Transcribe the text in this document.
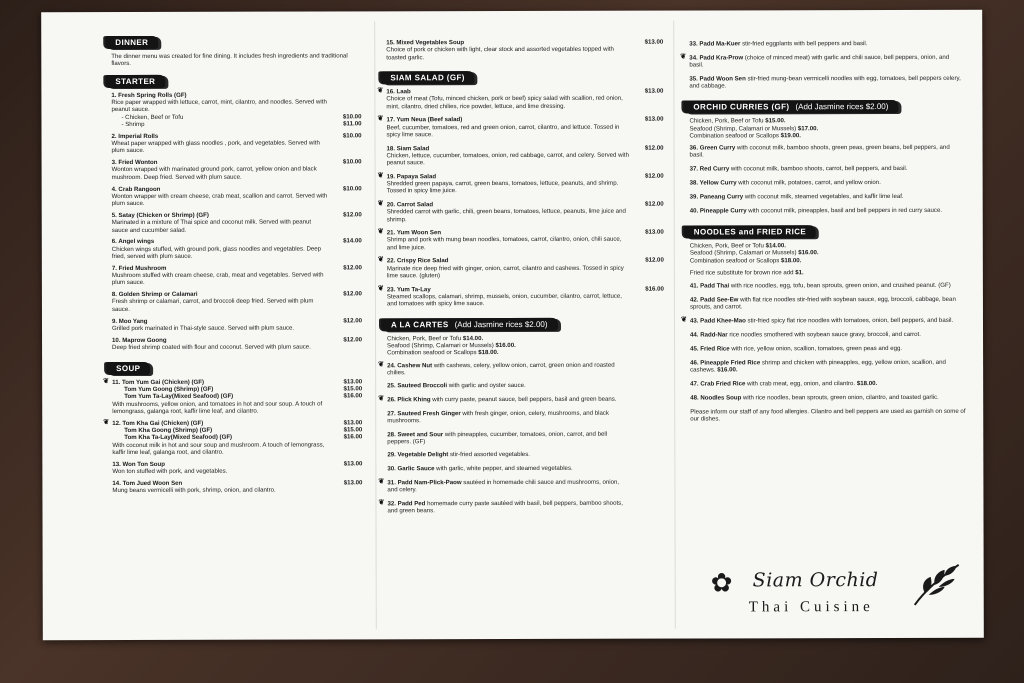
DINNER
The dinner menu was created for fine dining. It includes fresh ingredients and traditional flavors.
STARTER
1. Fresh Spring Rolls (GF)
Rice paper wrapped with lettuce, carrot, mint, cilantro, and noodles. Served with peanut sauce.
- Chicken, Beef or Tofu	$10.00
- Shrimp	$11.00
2. Imperial Rolls	$10.00

Wheat paper wrapped with glass noodles , pork, and vegetables. Served with plum sauce.
3. Fried Wonton	$10.00

Wonton wrapped with marinated ground pork, carrot, yellow onion and black mushroom. Deep fried. Served with plum sauce.
4. Crab Rangoon	$10.00

Wonton wrapper with cream cheese, crab meat, scallion and carrot. Served with plum sauce.
5. Satay (Chicken or Shrimp) (GF)	$12.00

Marinated in a mixture of Thai spice and coconut milk. Served with peanut sauce and cucumber salad.
6. Angel wings	$14.00

Chicken wings stuffed, with ground pork, glass noodles and vegetables. Deep fried, served with plum sauce.
7. Fried Mushroom	$12.00

Mushroom stuffed with cream cheese, crab, meat and vegetables. Served with plum sauce.
8. Golden Shrimp or Calamari	$12.00

Fresh shrimp or calamari, carrot, and broccoli deep fried. Served with plum sauce.
9. Moo Yang	$12.00

Grilled pork marinated in Thai-style sauce. Served with plum sauce.
10. Maprow Goong	$12.00

Deep fried shrimp coated with flour and coconut. Served with plum sauce.
SOUP
❦ 11. Tom Yum Gai (Chicken) (GF)	$13.00
Tom Yum Goong (Shrimp) (GF)	$15.00
Tom Yum Ta-Lay(Mixed Seafood) (GF)	$16.00
With mushrooms, yellow onion, and tomatoes in hot and sour soup. A touch of lemongrass, galanga root, kaffir lime leaf, and cilantro.
❦ 12. Tom Kha Gai (Chicken) (GF)	$13.00
Tom Kha Goong (Shrimp) (GF)	$15.00
Tom Kha Ta-Lay(Mixed Seafood) (GF)	$16.00
With coconut milk in hot and sour soup and mushroom. A touch of lemongrass, kaffir lime leaf, galanga root, and cilantro.
13. Won Ton Soup	$13.00
Won ton stuffed with pork, and vegetables.
14. Tom Jued Woon Sen	$13.00
Mung beans vermicelli with pork, shrimp, onion, and cilantro.
15. Mixed Vegetables Soup	$13.00

Choice of pork or chicken with light, clear stock and assorted vegetables topped with toasted garlic.
SIAM SALAD (GF)
❦ 16. Laab	$13.00

Choice of meat (Tofu, minced chicken, pork or beef) spicy salad with scallion, red onion, mint, cilantro, dried chilies, rice powder, lettuce, and lime dressing.
❦ 17. Yum Neua (Beef salad)	$13.00

Beef, cucumber, tomatoes, red and green onion, carrot, cilantro, and lettuce. Tossed in spicy lime sauce.
18. Siam Salad	$12.00

Chicken, lettuce, cucumber, tomatoes, onion, red cabbage, carrot, and celery. Served with peanut sauce.
❦ 19. Papaya Salad	$12.00

Shredded green papaya, carrot, green beans, tomatoes, lettuce, peanuts, and shrimp. Tossed in spicy lime juice.
❦ 20. Carrot Salad	$12.00

Shredded carrot with garlic, chili, green beans, tomatoes, lettuce, peanuts, lime juice and shrimp.
❦ 21. Yum Woon Sen	$13.00

Shrimp and pork with mung bean noodles, tomatoes, carrot, cilantro, onion, chili sauce, and lime juice.
❦ 22. Crispy Rice Salad	$12.00

Marinate rice deep fried with ginger, onion, carrot, cilantro and cashews. Tossed in spicy lime sauce. (gluten)
❦ 23. Yum Ta-Lay	$16.00

Steamed scallops, calamari, shrimp, mussels, onion, cucumber, cilantro, carrot, lettuce, and tomatoes with spicy lime sauce.
A LA CARTES (Add Jasmine rices $2.00)
Chicken, Pork, Beef or Tofu $14.00.
Seafood (Shrimp, Calamari or Mussels) $16.00.
Combination seafood or Scallops $18.00.
❦ 24. Cashew Nut with cashews, celery, yellow onion, carrot, green onion and roasted chilies.
25. Sauteed Broccoli with garlic and oyster sauce.
❦ 26. Plick Khing with curry paste, peanut sauce, bell peppers, basil and green beans.
27. Sauteed Fresh Ginger with fresh ginger, onion, celery, mushrooms, and black mushrooms.
28. Sweet and Sour with pineapples, cucumber, tomatoes, onion, carrot, and bell peppers. (GF)
29. Vegetable Delight stir-fried assorted vegetables.
30. Garlic Sauce with garlic, white pepper, and steamed vegetables.
❦ 31. Padd Nam-Plick-Paow sautéed in homemade chili sauce and mushrooms, onion, and celery.
❦ 32. Padd Ped homemade curry paste sautéed with basil, bell peppers, bamboo shoots, and green beans.
33. Padd Ma-Kuer stir-fried eggplants with bell peppers and basil.
❦ 34. Padd Kra-Prow (choice of minced meat) with garlic and chili sauce, bell peppers, onion, and basil.
35. Padd Woon Sen stir-fried mung-bean vermicelli noodles with egg, tomatoes, bell peppers celery, and cabbage.
ORCHID CURRIES (GF) (Add Jasmine rices $2.00)
Chicken, Pork, Beef or Tofu $15.00.
Seafood (Shrimp, Calamari or Mussels) $17.00.
Combination seafood or Scallops $19.00.
36. Green Curry with coconut milk, bamboo shoots, green peas, green beans, bell peppers, and basil.
37. Red Curry with coconut milk, bamboo shoots, carrot, bell peppers, and basil.
38. Yellow Curry with coconut milk, potatoes, carrot, and yellow onion.
39. Paneang Curry with coconut milk, steamed vegetables, and kaffir lime leaf.
40. Pineapple Curry with coconut milk, pineapples, basil and bell peppers in red curry sauce.
NOODLES and FRIED RICE
Chicken, Pork, Beef or Tofu $14.00.
Seafood (Shrimp, Calamari or Mussels) $16.00.
Combination seafood or Scallops $18.00.
Fried rice substitute for brown rice add $1.
41. Padd Thai with rice noodles, egg, tofu, bean sprouts, green onion, and crushed peanut. (GF)
42. Padd See-Ew with flat rice noodles stir-fried with soybean sauce, egg, broccoli, cabbage, bean sprouts, and carrot.
❦ 43. Padd Khee-Mao stir-fried spicy flat rice noodles with tomatoes, onion, bell peppers, and basil.
44. Radd-Nar rice noodles smothered with soybean sauce gravy, broccoli, and carrot.
45. Fried Rice with rice, yellow onion, scallion, tomatoes, green peas and egg.
46. Pineapple Fried Rice shrimp and chicken with pineapples, egg, yellow onion, scallion, and cashews. $16.00.
47. Crab Fried Rice with crab meat, egg, onion, and cilantro. $18.00.
48. Noodles Soup with rice noodles, bean sprouts, green onion, cilantro, and toasted garlic.
Please inform our staff of any food allergies. Cilantro and bell peppers are used as garnish on some of our dishes.
✿ Siam Orchid
Thai Cuisine
